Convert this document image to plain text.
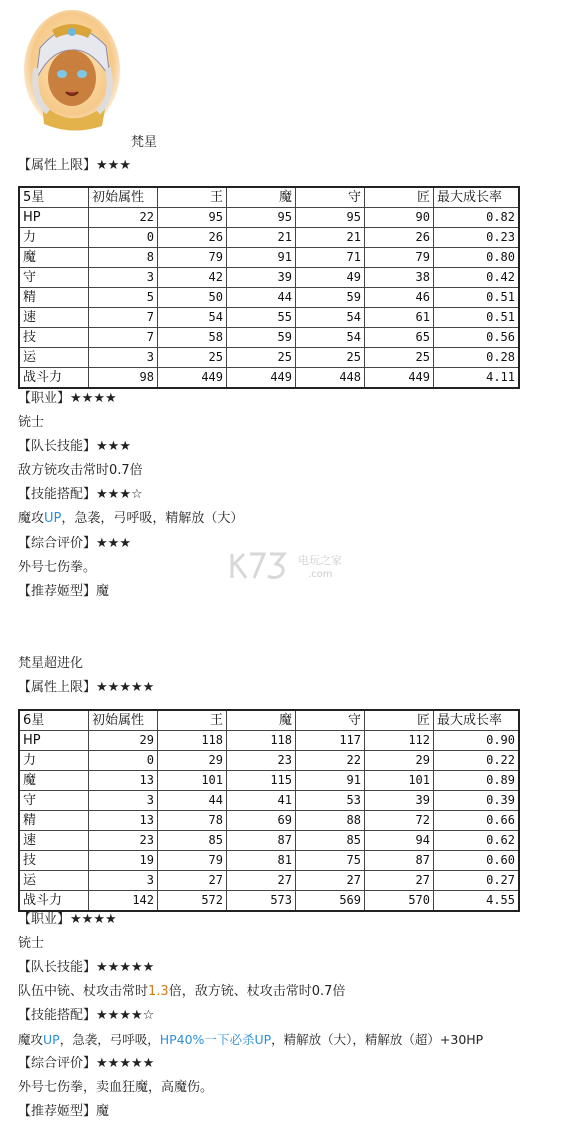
梵星
【属性上限】★★★
5星	初始属性	王	魔	守	匠	最大成长率
HP	22	95	95	95	90	0.82
力	0	26	21	21	26	0.23
魔	8	79	91	71	79	0.80
守	3	42	39	49	38	0.42
精	5	50	44	59	46	0.51
速	7	54	55	54	61	0.51
技	7	58	59	54	65	0.56
运	3	25	25	25	25	0.28
战斗力	98	449	449	448	449	4.11
【职业】★★★★
铳士
【队长技能】★★★
敌方铳攻击常时0.7倍
【技能搭配】★★★☆
魔攻UP，急袭，弓呼吸，精解放（大）
【综合评价】★★★
外号七伤拳。
【推荐姬型】魔
电玩之家
.com
梵星超进化
【属性上限】★★★★★
6星	初始属性	王	魔	守	匠	最大成长率
HP	29	118	118	117	112	0.90
力	0	29	23	22	29	0.22
魔	13	101	115	91	101	0.89
守	3	44	41	53	39	0.39
精	13	78	69	88	72	0.66
速	23	85	87	85	94	0.62
技	19	79	81	75	87	0.60
运	3	27	27	27	27	0.27
战斗力	142	572	573	569	570	4.55
【职业】★★★★
铳士
【队长技能】★★★★★
队伍中铳、杖攻击常时1.3倍，敌方铳、杖攻击常时0.7倍
【技能搭配】★★★★☆
魔攻UP，急袭，弓呼吸，HP40%一下必杀UP，精解放（大），精解放（超）+30HP
【综合评价】★★★★★
外号七伤拳，卖血狂魔，高魔伤。
【推荐姬型】魔
